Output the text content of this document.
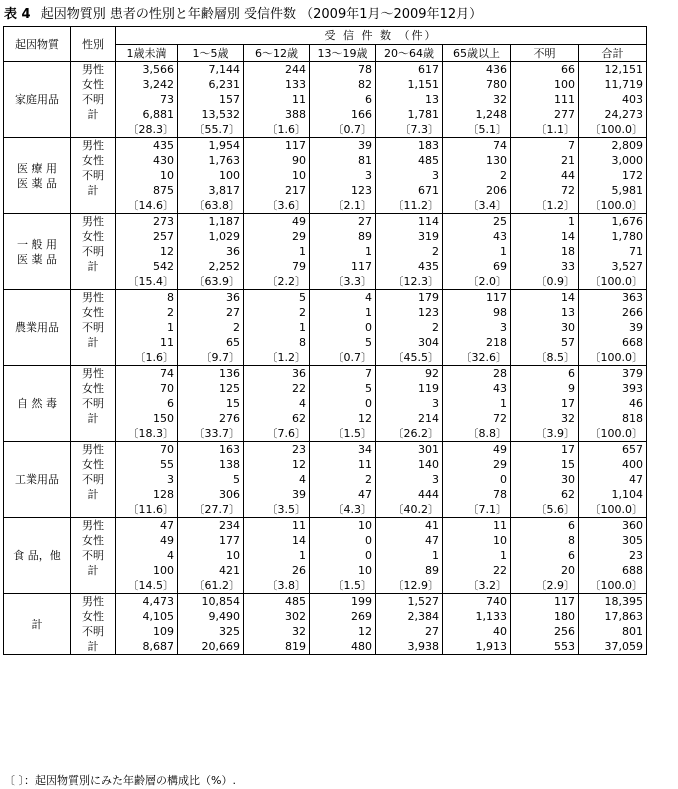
表 4 起因物質別 患者の性別と年齢層別 受信件数 （2009年1月～2009年12月）
起因物質	性別	受 信 件 数 （件）							
		1歳未満	1～5歳	6～12歳	13～19歳	20～64歳	65歳以上	不明	合計
家庭用品	男性	3,566	7,144	244	78	617	436	66	12,151
	女性	3,242	6,231	133	82	1,151	780	100	11,719
	不明	73	157	11	6	13	32	111	403
	計	6,881	13,532	388	166	1,781	1,248	277	24,273
		〔28.3〕	〔55.7〕	〔1.6〕	〔0.7〕	〔7.3〕	〔5.1〕	〔1.1〕	〔100.0〕
医 療 用
医 薬 品	男性	435	1,954	117	39	183	74	7	2,809
	女性	430	1,763	90	81	485	130	21	3,000
	不明	10	100	10	3	3	2	44	172
	計	875	3,817	217	123	671	206	72	5,981
		〔14.6〕	〔63.8〕	〔3.6〕	〔2.1〕	〔11.2〕	〔3.4〕	〔1.2〕	〔100.0〕
一 般 用
医 薬 品	男性	273	1,187	49	27	114	25	1	1,676
	女性	257	1,029	29	89	319	43	14	1,780
	不明	12	36	1	1	2	1	18	71
	計	542	2,252	79	117	435	69	33	3,527
		〔15.4〕	〔63.9〕	〔2.2〕	〔3.3〕	〔12.3〕	〔2.0〕	〔0.9〕	〔100.0〕
農業用品	男性	8	36	5	4	179	117	14	363
	女性	2	27	2	1	123	98	13	266
	不明	1	2	1	0	2	3	30	39
	計	11	65	8	5	304	218	57	668
		〔1.6〕	〔9.7〕	〔1.2〕	〔0.7〕	〔45.5〕	〔32.6〕	〔8.5〕	〔100.0〕
自 然 毒	男性	74	136	36	7	92	28	6	379
	女性	70	125	22	5	119	43	9	393
	不明	6	15	4	0	3	1	17	46
	計	150	276	62	12	214	72	32	818
		〔18.3〕	〔33.7〕	〔7.6〕	〔1.5〕	〔26.2〕	〔8.8〕	〔3.9〕	〔100.0〕
工業用品	男性	70	163	23	34	301	49	17	657
	女性	55	138	12	11	140	29	15	400
	不明	3	5	4	2	3	0	30	47
	計	128	306	39	47	444	78	62	1,104
		〔11.6〕	〔27.7〕	〔3.5〕	〔4.3〕	〔40.2〕	〔7.1〕	〔5.6〕	〔100.0〕
食 品，他	男性	47	234	11	10	41	11	6	360
	女性	49	177	14	0	47	10	8	305
	不明	4	10	1	0	1	1	6	23
	計	100	421	26	10	89	22	20	688
		〔14.5〕	〔61.2〕	〔3.8〕	〔1.5〕	〔12.9〕	〔3.2〕	〔2.9〕	〔100.0〕
計	男性	4,473	10,854	485	199	1,527	740	117	18,395
	女性	4,105	9,490	302	269	2,384	1,133	180	17,863
	不明	109	325	32	12	27	40	256	801
	計	8,687	20,669	819	480	3,938	1,913	553	37,059
〔 〕：起因物質別にみた年齢層の構成比（%）.
